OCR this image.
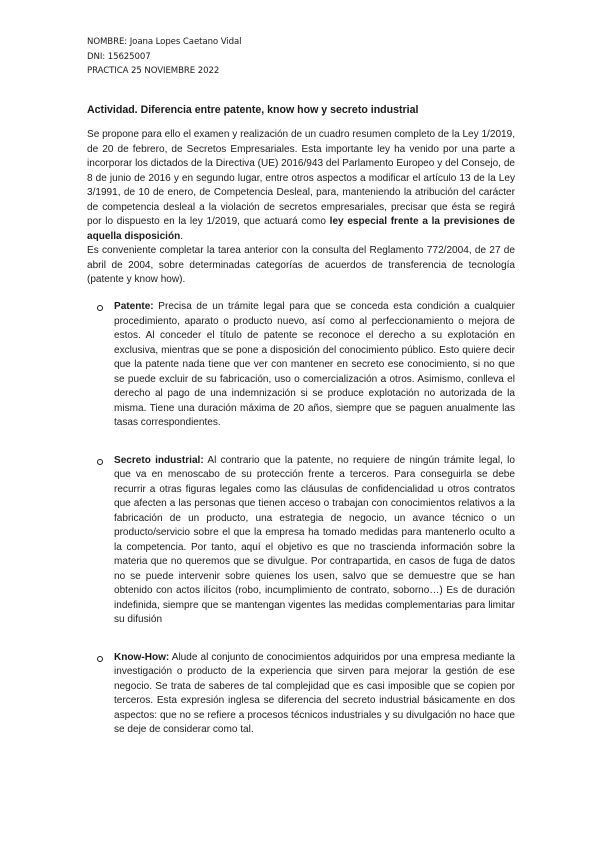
NOMBRE: Joana Lopes Caetano Vidal
DNI: 15625007
PRACTICA 25 NOVIEMBRE 2022
Actividad. Diferencia entre patente, know how y secreto industrial

Se propone para ello el examen y realización de un cuadro resumen completo de la Ley 1/2019, de 20 de febrero, de Secretos Empresariales. Esta importante ley ha venido por una parte a incorporar los dictados de la Directiva (UE) 2016/943 del Parlamento Europeo y del Consejo, de 8 de junio de 2016 y en segundo lugar, entre otros aspectos a modificar el artículo 13 de la Ley 3/1991, de 10 de enero, de Competencia Desleal, para, manteniendo la atribución del carácter de competencia desleal a la violación de secretos empresariales, precisar que ésta se regirá por lo dispuesto en la ley 1/2019, que actuará como ley especial frente a la previsiones de aquella disposición.

Es conveniente completar la tarea anterior con la consulta del Reglamento 772/2004, de 27 de abril de 2004, sobre determinadas categorías de acuerdos de transferencia de tecnología (patente y know how).

Patente: Precisa de un trámite legal para que se conceda esta condición a cualquier procedimiento, aparato o producto nuevo, así como al perfeccionamiento o mejora de estos. Al conceder el título de patente se reconoce el derecho a su explotación en exclusiva, mientras que se pone a disposición del conocimiento público. Esto quiere decir que la patente nada tiene que ver con mantener en secreto ese conocimiento, si no que se puede excluir de su fabricación, uso o comercialización a otros. Asimismo, conlleva el derecho al pago de una indemnización si se produce explotación no autorizada de la misma. Tiene una duración máxima de 20 años, siempre que se paguen anualmente las tasas correspondientes.
Secreto industrial: Al contrario que la patente, no requiere de ningún trámite legal, lo que va en menoscabo de su protección frente a terceros. Para conseguirla se debe recurrir a otras figuras legales como las cláusulas de confidencialidad u otros contratos que afecten a las personas que tienen acceso o trabajan con conocimientos relativos a la fabricación de un producto, una estrategia de negocio, un avance técnico o un producto/servicio sobre el que la empresa ha tomado medidas para mantenerlo oculto a la competencia. Por tanto, aquí el objetivo es que no trascienda información sobre la materia que no queremos que se divulgue. Por contrapartida, en casos de fuga de datos no se puede intervenir sobre quienes los usen, salvo que se demuestre que se han obtenido con actos ilícitos (robo, incumplimiento de contrato, soborno…) Es de duración indefinida, siempre que se mantengan vigentes las medidas complementarias para limitar su difusión
Know-How: Alude al conjunto de conocimientos adquiridos por una empresa mediante la investigación o producto de la experiencia que sirven para mejorar la gestión de ese negocio. Se trata de saberes de tal complejidad que es casi imposible que se copien por terceros. Esta expresión inglesa se diferencia del secreto industrial básicamente en dos aspectos: que no se refiere a procesos técnicos industriales y su divulgación no hace que se deje de considerar como tal.
